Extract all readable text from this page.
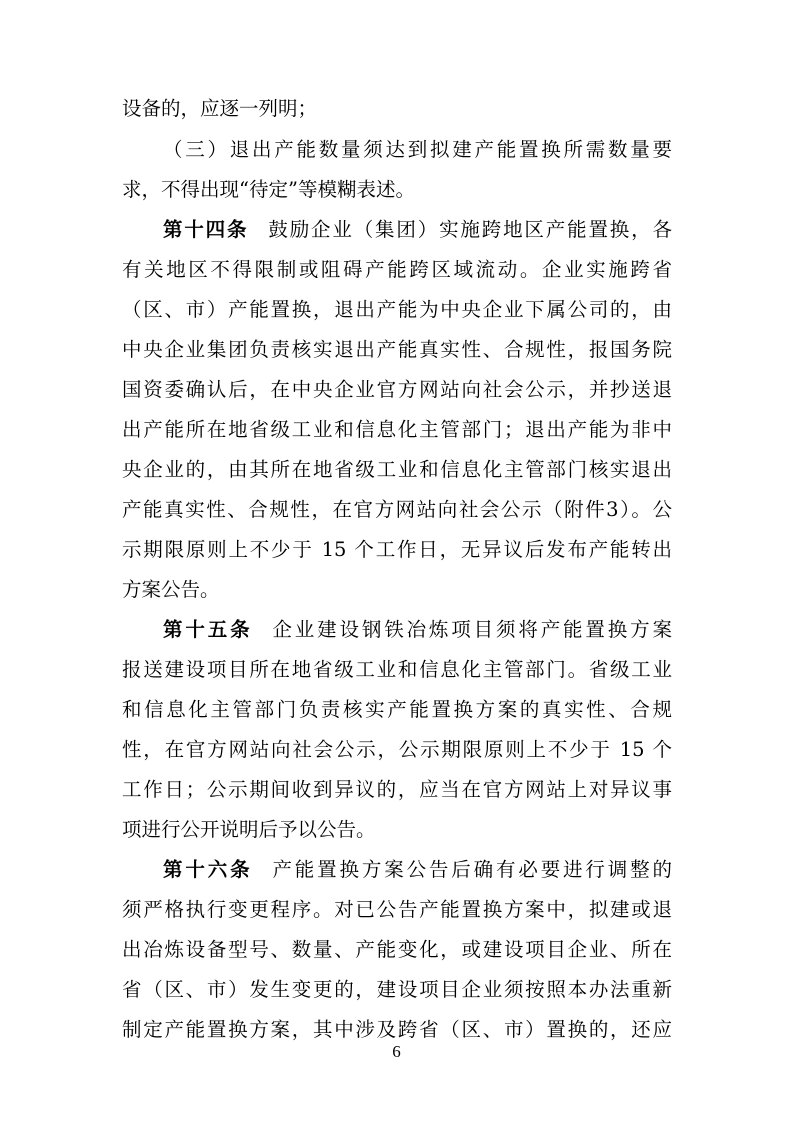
设备的，应逐一列明；
（三）退出产能数量须达到拟建产能置换所需数量要
求，不得出现“待定”等模糊表述。
第十四条 鼓励企业（集团）实施跨地区产能置换，各
有关地区不得限制或阻碍产能跨区域流动。企业实施跨省
（区、市）产能置换，退出产能为中央企业下属公司的，由
中央企业集团负责核实退出产能真实性、合规性，报国务院
国资委确认后，在中央企业官方网站向社会公示，并抄送退
出产能所在地省级工业和信息化主管部门；退出产能为非中
央企业的，由其所在地省级工业和信息化主管部门核实退出
产能真实性、合规性，在官方网站向社会公示（附件3）。公
示期限原则上不少于 15 个工作日，无异议后发布产能转出
方案公告。
第十五条 企业建设钢铁冶炼项目须将产能置换方案
报送建设项目所在地省级工业和信息化主管部门。省级工业
和信息化主管部门负责核实产能置换方案的真实性、合规
性，在官方网站向社会公示，公示期限原则上不少于 15 个
工作日；公示期间收到异议的，应当在官方网站上对异议事
项进行公开说明后予以公告。
第十六条 产能置换方案公告后确有必要进行调整的
须严格执行变更程序。对已公告产能置换方案中，拟建或退
出冶炼设备型号、数量、产能变化，或建设项目企业、所在
省（区、市）发生变更的，建设项目企业须按照本办法重新
制定产能置换方案，其中涉及跨省（区、市）置换的，还应
6
